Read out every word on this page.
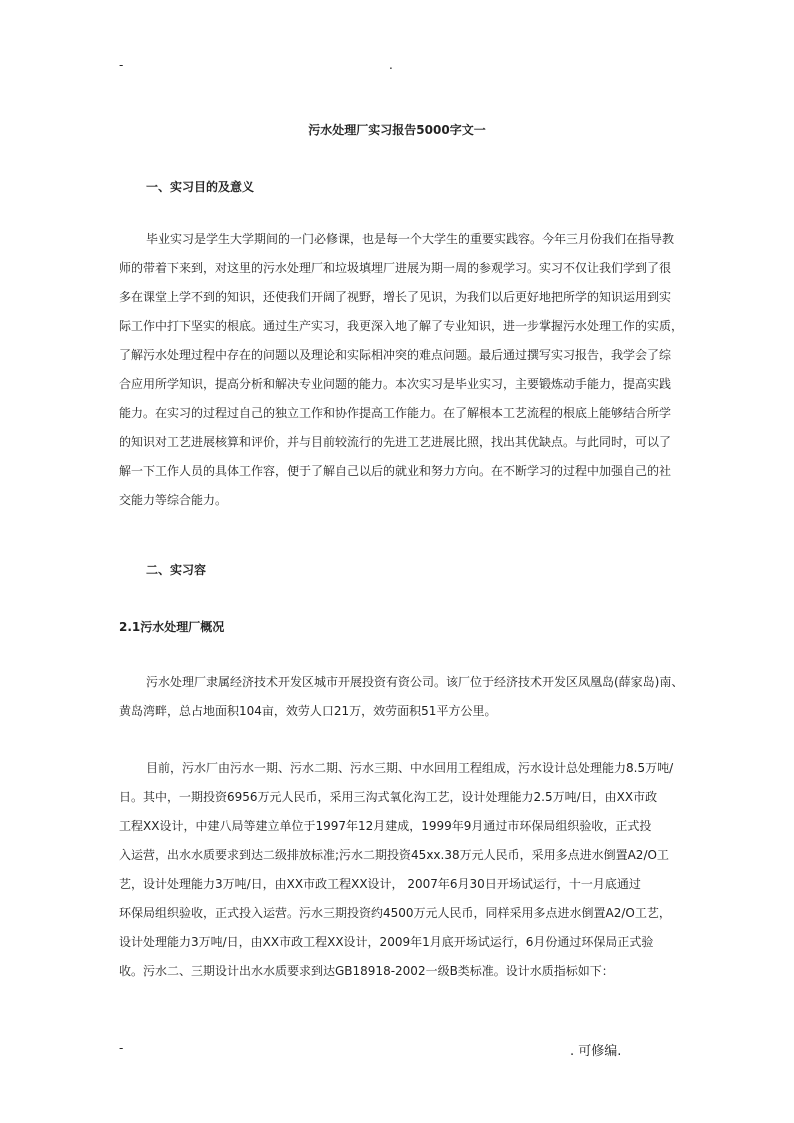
-	.
污水处理厂实习报告5000字文一
一、实习目的及意义
毕业实习是学生大学期间的一门必修课，也是每一个大学生的重要实践容。今年三月份我们在指导教
师的带着下来到，对这里的污水处理厂和垃圾填埋厂进展为期一周的参观学习。实习不仅让我们学到了很
多在课堂上学不到的知识，还使我们开阔了视野，增长了见识，为我们以后更好地把所学的知识运用到实
际工作中打下坚实的根底。通过生产实习，我更深入地了解了专业知识，进一步掌握污水处理工作的实质，
了解污水处理过程中存在的问题以及理论和实际相冲突的难点问题。最后通过撰写实习报告，我学会了综
合应用所学知识，提高分析和解决专业问题的能力。本次实习是毕业实习，主要锻炼动手能力，提高实践
能力。在实习的过程过自己的独立工作和协作提高工作能力。在了解根本工艺流程的根底上能够结合所学
的知识对工艺进展核算和评价，并与目前较流行的先进工艺进展比照，找出其优缺点。与此同时，可以了
解一下工作人员的具体工作容，便于了解自己以后的就业和努力方向。在不断学习的过程中加强自己的社
交能力等综合能力。
二、实习容
2.1污水处理厂概况
污水处理厂隶属经济技术开发区城市开展投资有资公司。该厂位于经济技术开发区凤凰岛(薛家岛)南、
黄岛湾畔，总占地面积104亩，效劳人口21万，效劳面积51平方公里。
目前，污水厂由污水一期、污水二期、污水三期、中水回用工程组成，污水设计总处理能力8.5万吨/
日。其中，一期投资6956万元人民币，采用三沟式氧化沟工艺，设计处理能力2.5万吨/日，由XX市政
工程XX设计，中建八局等建立单位于1997年12月建成，1999年9月通过市环保局组织验收，正式投
入运营，出水水质要求到达二级排放标准;污水二期投资45xx.38万元人民币，采用多点进水倒置A2/O工
艺，设计处理能力3万吨/日，由XX市政工程XX设计， 2007年6月30日开场试运行，十一月底通过
环保局组织验收，正式投入运营。污水三期投资约4500万元人民币，同样采用多点进水倒置A2/O工艺，
设计处理能力3万吨/日，由XX市政工程XX设计，2009年1月底开场试运行，6月份通过环保局正式验
收。污水二、三期设计出水水质要求到达GB18918-2002一级B类标准。设计水质指标如下：
-	. 可修编.
